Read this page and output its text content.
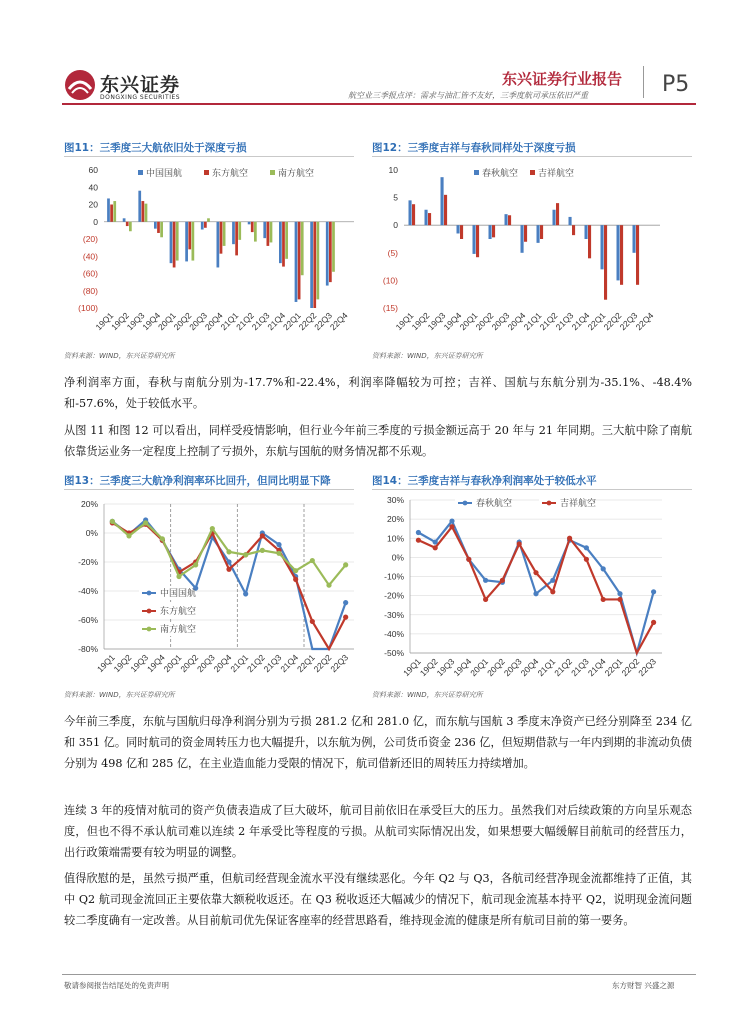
东兴证券
DONGXING SECURITIES
东兴证券行业报告 P5
航空业三季报点评：需求与油汇皆不友好，三季度航司承压依旧严重
图11：三季度三大航依旧处于深度亏损	图12：三季度吉祥与春秋同样处于深度亏损
60
40
20
0
(20)
(40)
(60)
(80)
(100)
19Q1
19Q2
19Q3
19Q4
20Q1
20Q2
20Q3
20Q4
21Q1
21Q2
21Q3
21Q4
22Q1
22Q2
22Q3
22Q4
中国国航	东方航空	南方航空	10
5
0
(5)
(10)
(15)
19Q1
19Q2
19Q3
19Q4
20Q1
20Q2
20Q3
20Q4
21Q1
21Q2
21Q3
21Q4
22Q1
22Q2
22Q3
22Q4
春秋航空 吉祥航空
资料来源：WIND，东兴证券研究所	资料来源：WIND，东兴证券研究所
净利润率方面，春秋与南航分别为-17.7%和-22.4%，利润率降幅较为可控；吉祥、国航与东航分别为-35.1%、-48.4%和-57.6%，处于较低水平。
从图 11 和图 12 可以看出，同样受疫情影响，但行业今年前三季度的亏损金额远高于 20 年与 21 年同期。三大航中除了南航依靠货运业务一定程度上控制了亏损外，东航与国航的财务情况都不乐观。
图13：三季度三大航净利润率环比回升，但同比明显下降	图14：三季度吉祥与春秋净利润率处于较低水平
20%
0%
-20%
-40%
-60%
-80%
19Q1
19Q2
19Q3
19Q4
20Q1
20Q2
20Q3
20Q4
21Q1
21Q2
21Q3
21Q4
22Q1
22Q2
22Q3
中国国航
东方航空
南方航空
30%
20%
10%
0%
-10%
-20%
-30%
-40%
-50%
19Q1
19Q2
19Q3
19Q4
20Q1
20Q2
20Q3
20Q4
21Q1
21Q2
21Q3
21Q4
22Q1
22Q2
22Q3
春秋航空	吉祥航空
资料来源：WIND，东兴证券研究所	资料来源：WIND，东兴证券研究所
今年前三季度，东航与国航归母净利润分别为亏损 281.2 亿和 281.0 亿，而东航与国航 3 季度末净资产已经分别降至 234 亿和 351 亿。同时航司的资金周转压力也大幅提升，以东航为例，公司货币资金 236 亿，但短期借款与一年内到期的非流动负债分别为 498 亿和 285 亿，在主业造血能力受限的情况下，航司借新还旧的周转压力持续增加。
连续 3 年的疫情对航司的资产负债表造成了巨大破坏，航司目前依旧在承受巨大的压力。虽然我们对后续政策的方向呈乐观态度，但也不得不承认航司难以连续 2 年承受比等程度的亏损。从航司实际情况出发，如果想要大幅缓解目前航司的经营压力，出行政策端需要有较为明显的调整。
值得欣慰的是，虽然亏损严重，但航司经营现金流水平没有继续恶化。今年 Q2 与 Q3，各航司经营净现金流都维持了正值，其中 Q2 航司现金流回正主要依靠大额税收返还。在 Q3 税收返还大幅减少的情况下，航司现金流基本持平 Q2，说明现金流问题较二季度确有一定改善。从目前航司优先保证客座率的经营思路看，维持现金流的健康是所有航司目前的第一要务。
敬请参阅报告结尾处的免责声明	东方财智 兴盛之源
